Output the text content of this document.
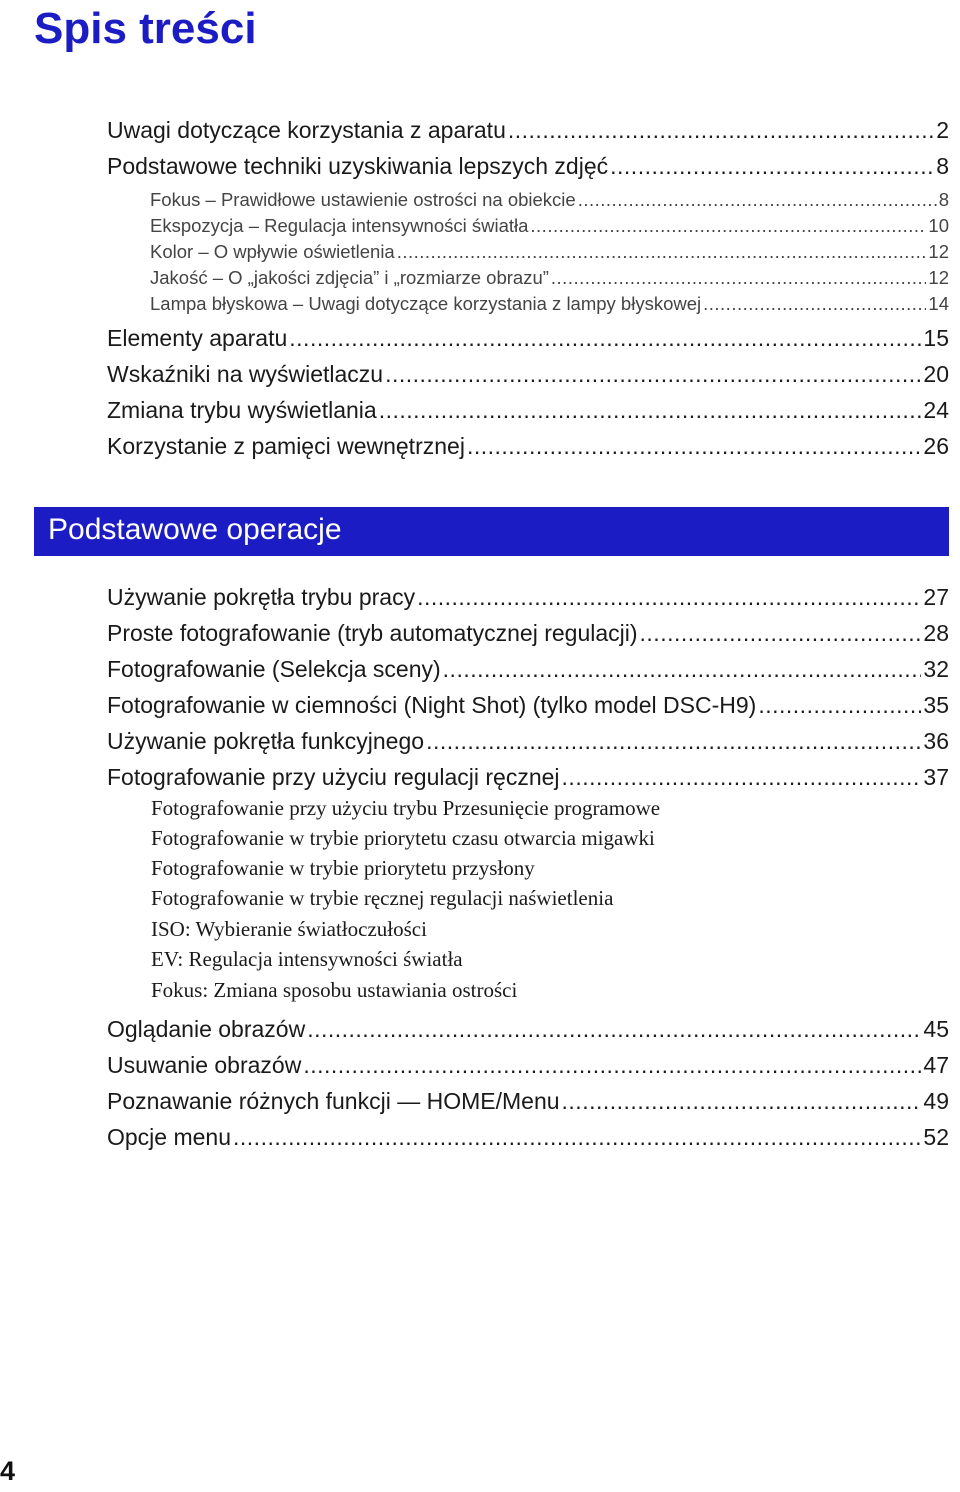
Spis treści
Uwagi dotyczące korzystania z aparatu .....	2
Podstawowe techniki uzyskiwania lepszych zdjęć .....	8
Fokus – Prawidłowe ustawienie ostrości na obiekcie .....	8
Ekspozycja – Regulacja intensywności światła .....	10
Kolor – O wpływie oświetlenia .....	12
Jakość – O „jakości zdjęcia” i „rozmiarze obrazu” .....	12
Lampa błyskowa – Uwagi dotyczące korzystania z lampy błyskowej .....	14
Elementy aparatu .....	15
Wskaźniki na wyświetlaczu .....	20
Zmiana trybu wyświetlania .....	24
Korzystanie z pamięci wewnętrznej .....	26
Podstawowe operacje
Używanie pokrętła trybu pracy .....	27
Proste fotografowanie (tryb automatycznej regulacji) .....	28
Fotografowanie (Selekcja sceny) .....	32
Fotografowanie w ciemności (Night Shot) (tylko model DSC-H9) .....	35
Używanie pokrętła funkcyjnego .....	36
Fotografowanie przy użyciu regulacji ręcznej .....	37
Fotografowanie przy użyciu trybu Przesunięcie programowe
Fotografowanie w trybie priorytetu czasu otwarcia migawki
Fotografowanie w trybie priorytetu przysłony
Fotografowanie w trybie ręcznej regulacji naświetlenia
ISO: Wybieranie światłoczułości
EV: Regulacja intensywności światła
Fokus: Zmiana sposobu ustawiania ostrości
Oglądanie obrazów .....	45
Usuwanie obrazów .....	47
Poznawanie różnych funkcji — HOME/Menu .....	49
Opcje menu .....	52
4
